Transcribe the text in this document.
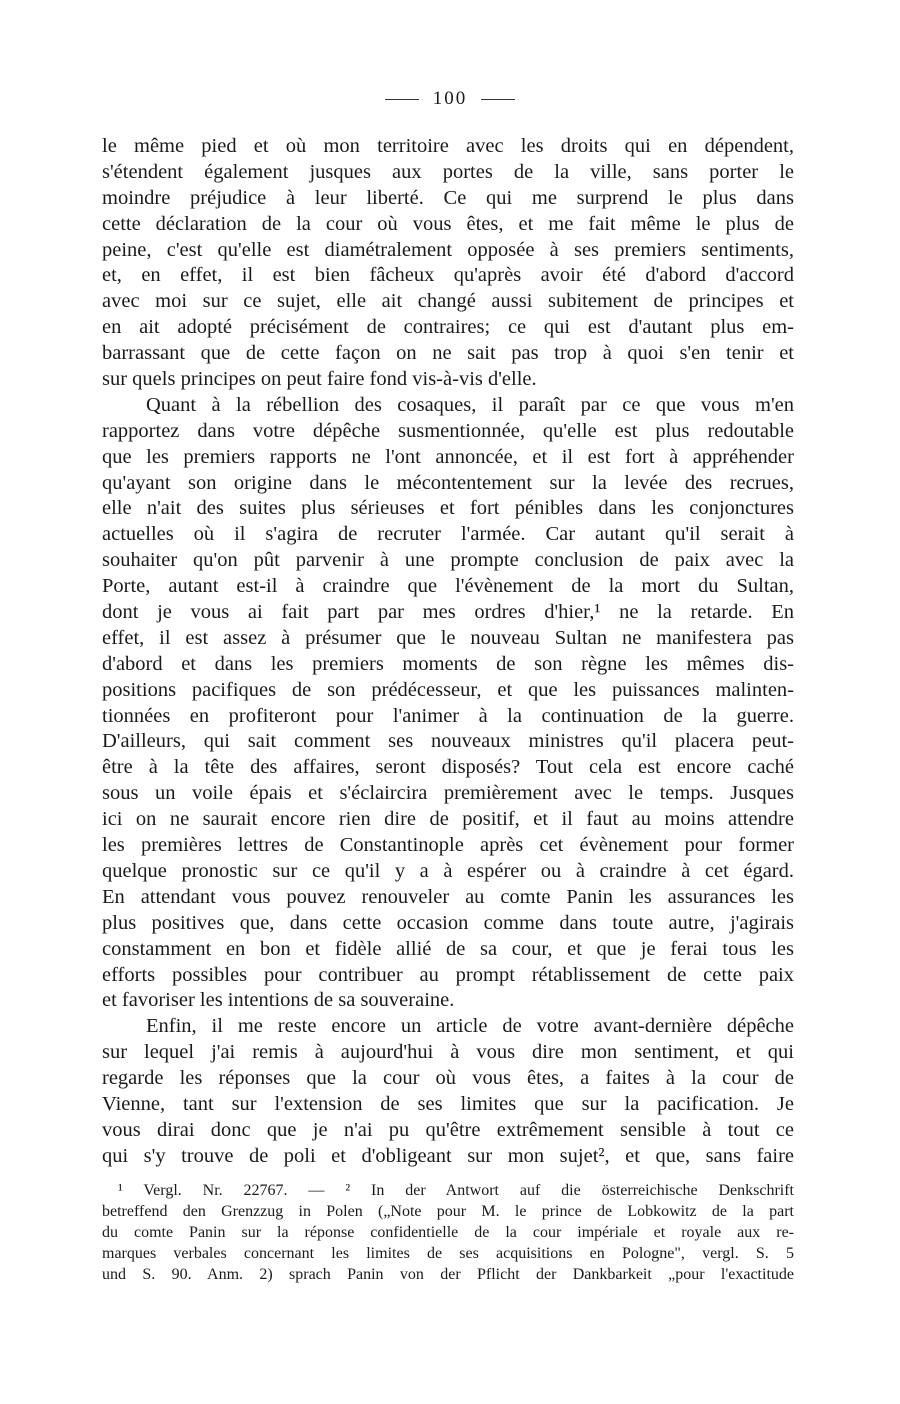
100
le même pied et où mon territoire avec les droits qui en dépendent,
s'étendent également jusques aux portes de la ville, sans porter le
moindre préjudice à leur liberté. Ce qui me surprend le plus dans
cette déclaration de la cour où vous êtes, et me fait même le plus de
peine, c'est qu'elle est diamétralement opposée à ses premiers sentiments,
et, en effet, il est bien fâcheux qu'après avoir été d'abord d'accord
avec moi sur ce sujet, elle ait changé aussi subitement de principes et
en ait adopté précisément de contraires; ce qui est d'autant plus em-
barrassant que de cette façon on ne sait pas trop à quoi s'en tenir et
sur quels principes on peut faire fond vis-à-vis d'elle.
Quant à la rébellion des cosaques, il paraît par ce que vous m'en
rapportez dans votre dépêche susmentionnée, qu'elle est plus redoutable
que les premiers rapports ne l'ont annoncée, et il est fort à appréhender
qu'ayant son origine dans le mécontentement sur la levée des recrues,
elle n'ait des suites plus sérieuses et fort pénibles dans les conjonctures
actuelles où il s'agira de recruter l'armée. Car autant qu'il serait à
souhaiter qu'on pût parvenir à une prompte conclusion de paix avec la
Porte, autant est-il à craindre que l'évènement de la mort du Sultan,
dont je vous ai fait part par mes ordres d'hier,¹ ne la retarde. En
effet, il est assez à présumer que le nouveau Sultan ne manifestera pas
d'abord et dans les premiers moments de son règne les mêmes dis-
positions pacifiques de son prédécesseur, et que les puissances malinten-
tionnées en profiteront pour l'animer à la continuation de la guerre.
D'ailleurs, qui sait comment ses nouveaux ministres qu'il placera peut-
être à la tête des affaires, seront disposés? Tout cela est encore caché
sous un voile épais et s'éclaircira premièrement avec le temps. Jusques
ici on ne saurait encore rien dire de positif, et il faut au moins attendre
les premières lettres de Constantinople après cet évènement pour former
quelque pronostic sur ce qu'il y a à espérer ou à craindre à cet égard.
En attendant vous pouvez renouveler au comte Panin les assurances les
plus positives que, dans cette occasion comme dans toute autre, j'agirais
constamment en bon et fidèle allié de sa cour, et que je ferai tous les
efforts possibles pour contribuer au prompt rétablissement de cette paix
et favoriser les intentions de sa souveraine.
Enfin, il me reste encore un article de votre avant-dernière dépêche
sur lequel j'ai remis à aujourd'hui à vous dire mon sentiment, et qui
regarde les réponses que la cour où vous êtes, a faites à la cour de
Vienne, tant sur l'extension de ses limites que sur la pacification. Je
vous dirai donc que je n'ai pu qu'être extrêmement sensible à tout ce
qui s'y trouve de poli et d'obligeant sur mon sujet², et que, sans faire
¹ Vergl. Nr. 22767. — ² In der Antwort auf die österreichische Denkschrift
betreffend den Grenzzug in Polen („Note pour M. le prince de Lobkowitz de la part
du comte Panin sur la réponse confidentielle de la cour impériale et royale aux re-
marques verbales concernant les limites de ses acquisitions en Pologne", vergl. S. 5
und S. 90. Anm. 2) sprach Panin von der Pflicht der Dankbarkeit „pour l'exactitude
